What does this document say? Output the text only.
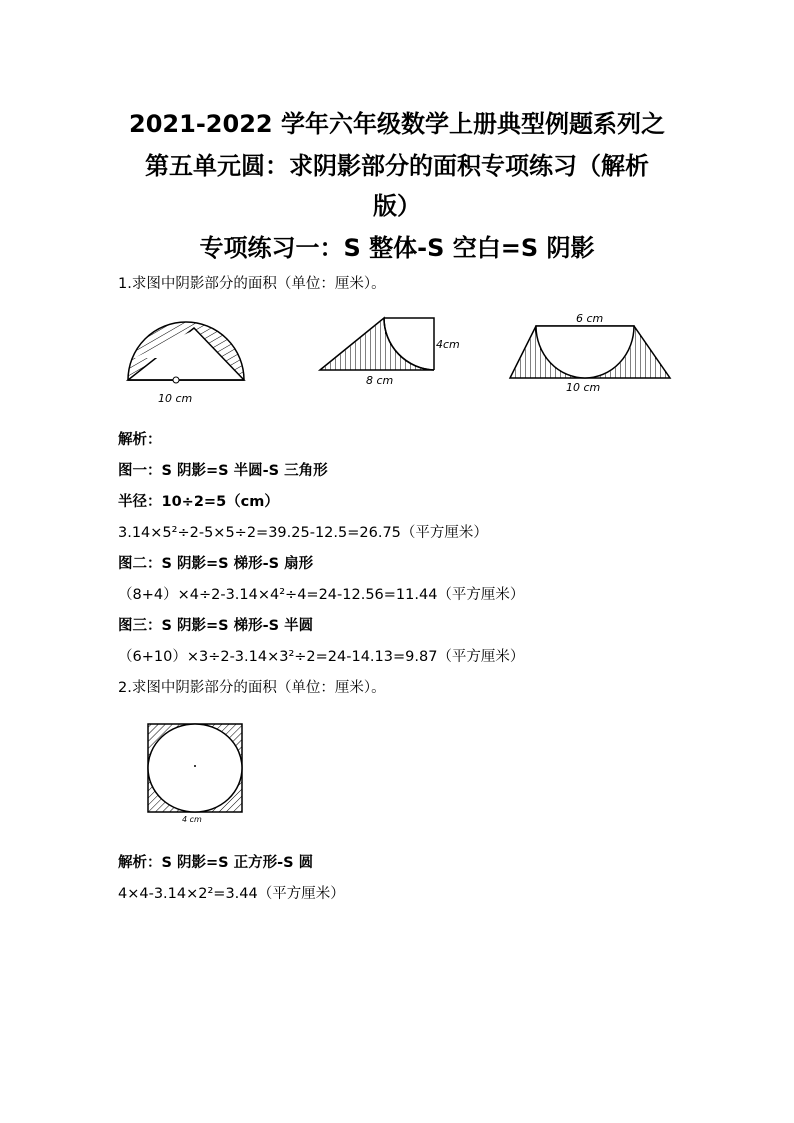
2021-2022 学年六年级数学上册典型例题系列之
第五单元圆：求阴影部分的面积专项练习（解析
版）
专项练习一：S 整体-S 空白=S 阴影
1.求图中阴影部分的面积（单位：厘米）。
10 cm
4cm
8 cm
6 cm
10 cm
解析：
图一：S 阴影=S 半圆-S 三角形
半径：10÷2=5（cm）
3.14×5²÷2-5×5÷2=39.25-12.5=26.75（平方厘米）
图二：S 阴影=S 梯形-S 扇形
（8+4）×4÷2-3.14×4²÷4=24-12.56=11.44（平方厘米）
图三：S 阴影=S 梯形-S 半圆
（6+10）×3÷2-3.14×3²÷2=24-14.13=9.87（平方厘米）
2.求图中阴影部分的面积（单位：厘米）。
4 cm
解析：S 阴影=S 正方形-S 圆
4×4-3.14×2²=3.44（平方厘米）
